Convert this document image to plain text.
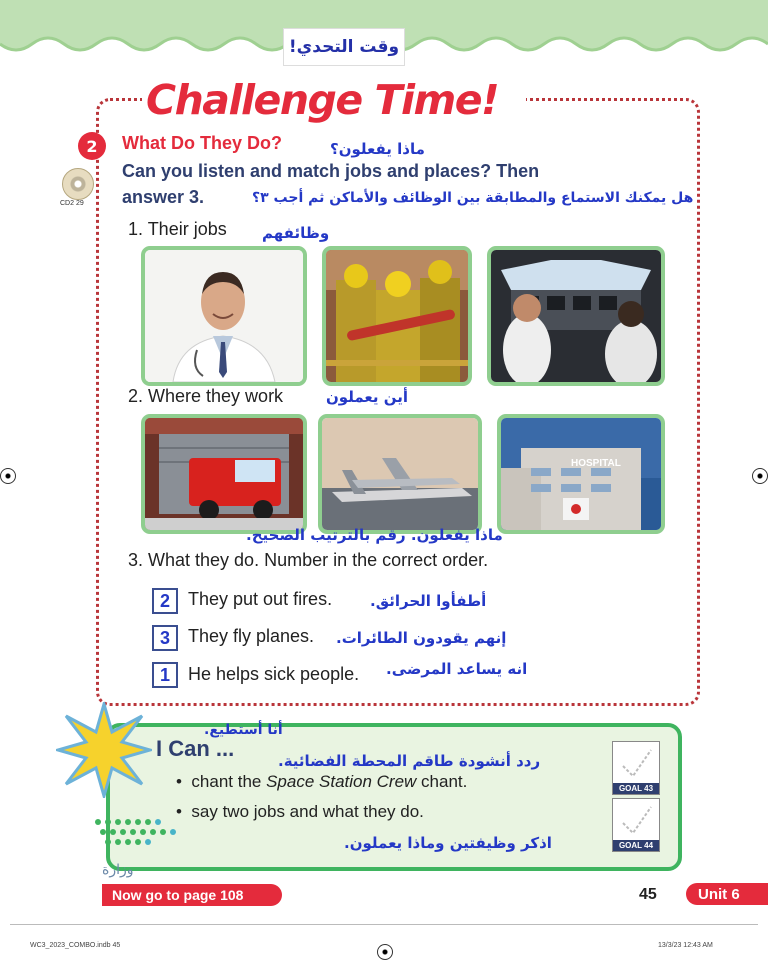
وقت التحدي!
Challenge Time!
2
CD2 29
What Do They Do?	ماذا يفعلون؟
Can you listen and match jobs and places? Then
answer 3.	هل يمكنك الاستماع والمطابقة بين الوظائف والأماكن ثم أجب ٣؟
1. Their jobs وظائفهم
2. Where they work	أين يعملون
HOSPITAL
ماذا يفعلون. رقم بالترتيب الصحيح.
3. What they do. Number in the correct order.
2	They put out fires.	أطفأوا الحرائق.
3	They fly planes. إنهم يقودون الطائرات.
1	He helps sick people. انه يساعد المرضى.
أنا أستطيع.
I Can ...	ردد أنشودة طاقم المحطة الفضائية.
•  chant the Space Station Crew chant.
•  say two jobs and what they do.
اذكر وظيفتين وماذا يعملون.
GOAL 43
GOAL 44
وزارة
Now go to page 108	45	Unit 6
WC3_2023_COMBO.indb 45	13/3/23 12:43 AM
